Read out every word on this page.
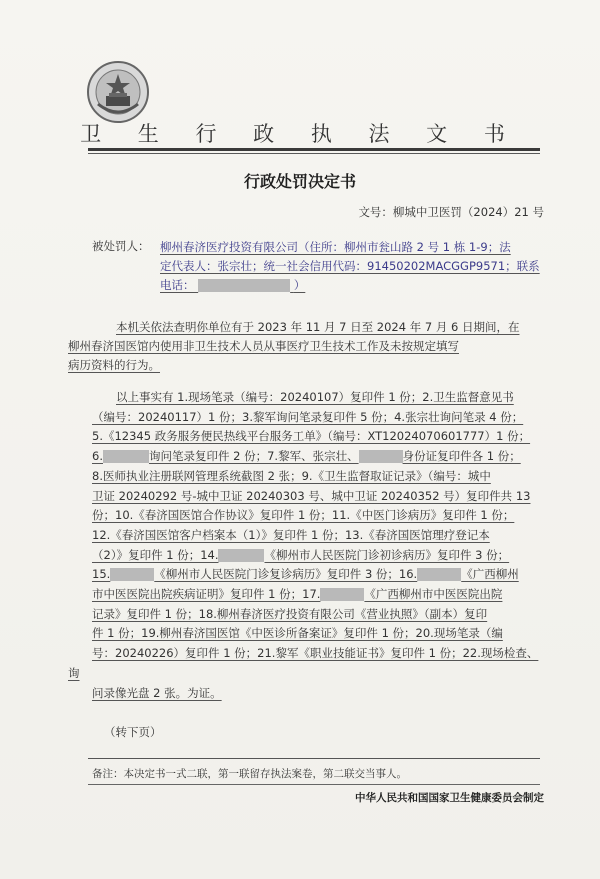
卫 生 行 政 执 法 文 书
行政处罚决定书
文号：柳城中卫医罚（2024）21 号
被处罚人： 柳州春济医疗投资有限公司（住所：柳州市瓮山路 2 号 1 栋 1-9；法
定代表人：张宗壮；统一社会信用代码：91450202MACGGP9571；联系
电话：	）
本机关依法查明你单位有于 2023 年 11 月 7 日至 2024 年 7 月 6 日期间，在
柳州春济国医馆内使用非卫生技术人员从事医疗卫生技术工作及未按规定填写
病历资料的行为。
以上事实有 1.现场笔录（编号：20240107）复印件 1 份；2.卫生监督意见书
（编号：20240117）1 份；3.黎军询问笔录复印件 5 份；4.张宗壮询问笔录 4 份；
5.《12345 政务服务便民热线平台服务工单》（编号：XT12024070601777）1 份；
6.	询问笔录复印件 2 份；7.黎军、张宗壮、	身份证复印件各 1 份；
8.医师执业注册联网管理系统截图 2 张；9.《卫生监督取证记录》（编号：城中
卫证 20240292 号-城中卫证 20240303 号、城中卫证 20240352 号）复印件共 13
份；10.《春济国医馆合作协议》复印件 1 份；11.《中医门诊病历》复印件 1 份；
12.《春济国医馆客户档案本（1）》复印件 1 份；13.《春济国医馆理疗登记本
（2）》复印件 1 份；14.	《柳州市人民医院门诊初诊病历》复印件 3 份；
15.	《柳州市人民医院门诊复诊病历》复印件 3 份；16.	《广西柳州
市中医医院出院疾病证明》复印件 1 份；17.	《广西柳州市中医医院出院
记录》复印件 1 份；18.柳州春济医疗投资有限公司《营业执照》（副本）复印
件 1 份；19.柳州春济国医馆《中医诊所备案证》复印件 1 份；20.现场笔录（编
号：20240226）复印件 1 份；21.黎军《职业技能证书》复印件 1 份；22.现场检查、询
问录像光盘 2 张。为证。
（转下页）
备注：本决定书一式二联，第一联留存执法案卷，第二联交当事人。
中华人民共和国国家卫生健康委员会制定
